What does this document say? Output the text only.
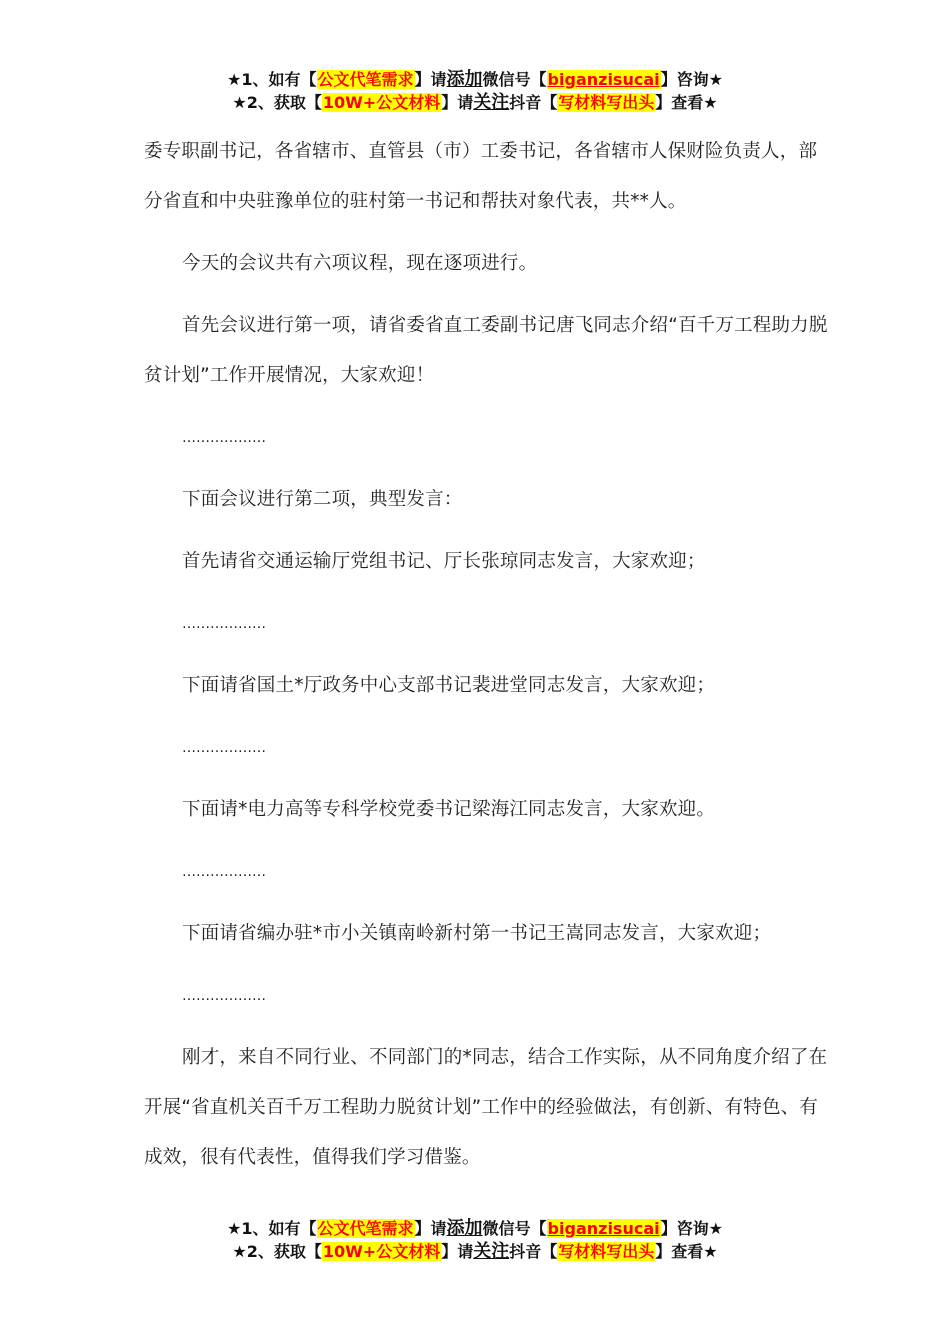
★1、如有【公文代笔需求】请添加微信号【biganzisucai】咨询★
★2、获取【10W+公文材料】请关注抖音【写材料写出头】查看★

委专职副书记，各省辖市、直管县（市）工委书记，各省辖市人保财险负责人，部分省直和中央驻豫单位的驻村第一书记和帮扶对象代表，共**人。

今天的会议共有六项议程，现在逐项进行。

首先会议进行第一项，请省委省直工委副书记唐飞同志介绍“百千万工程助力脱贫计划”工作开展情况，大家欢迎！

………………

下面会议进行第二项，典型发言：

首先请省交通运输厅党组书记、厅长张琼同志发言，大家欢迎；

………………

下面请省国土*厅政务中心支部书记裴进堂同志发言，大家欢迎；

………………

下面请*电力高等专科学校党委书记梁海江同志发言，大家欢迎。

………………

下面请省编办驻*市小关镇南岭新村第一书记王嵩同志发言，大家欢迎；

………………

刚才，来自不同行业、不同部门的*同志，结合工作实际，从不同角度介绍了在开展“省直机关百千万工程助力脱贫计划”工作中的经验做法，有创新、有特色、有成效，很有代表性，值得我们学习借鉴。

★1、如有【公文代笔需求】请添加微信号【biganzisucai】咨询★
★2、获取【10W+公文材料】请关注抖音【写材料写出头】查看★
